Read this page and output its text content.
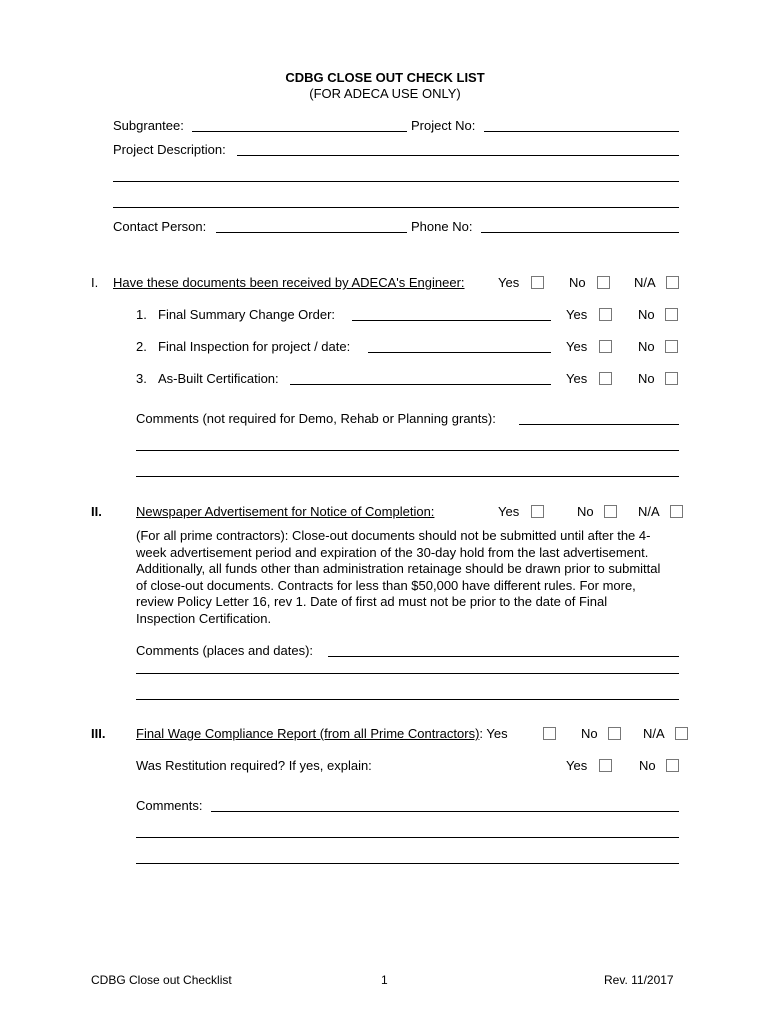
CDBG CLOSE OUT CHECK LIST
(FOR ADECA USE ONLY)
Subgrantee:	Project No:
Project Description:
Contact Person:	Phone No:
I. Have these documents been received by ADECA's Engineer:	Yes	No	N/A
1. Final Summary Change Order:	Yes	No
2. Final Inspection for project / date:	Yes	No
3. As-Built Certification:	Yes	No
Comments (not required for Demo, Rehab or Planning grants):
II.	Newspaper Advertisement for Notice of Completion:	Yes	No	N/A
(For all prime contractors): Close-out documents should not be submitted until after the 4-
week advertisement period and expiration of the 30-day hold from the last advertisement.
Additionally, all funds other than administration retainage should be drawn prior to submittal
of close-out documents. Contracts for less than $50,000 have different rules. For more,
review Policy Letter 16, rev 1. Date of first ad must not be prior to the date of Final
Inspection Certification.
Comments (places and dates):
III. Final Wage Compliance Report (from all Prime Contractors): Yes	No	N/A
Was Restitution required? If yes, explain:	Yes	No
Comments:
CDBG Close out Checklist	1	Rev. 11/2017
